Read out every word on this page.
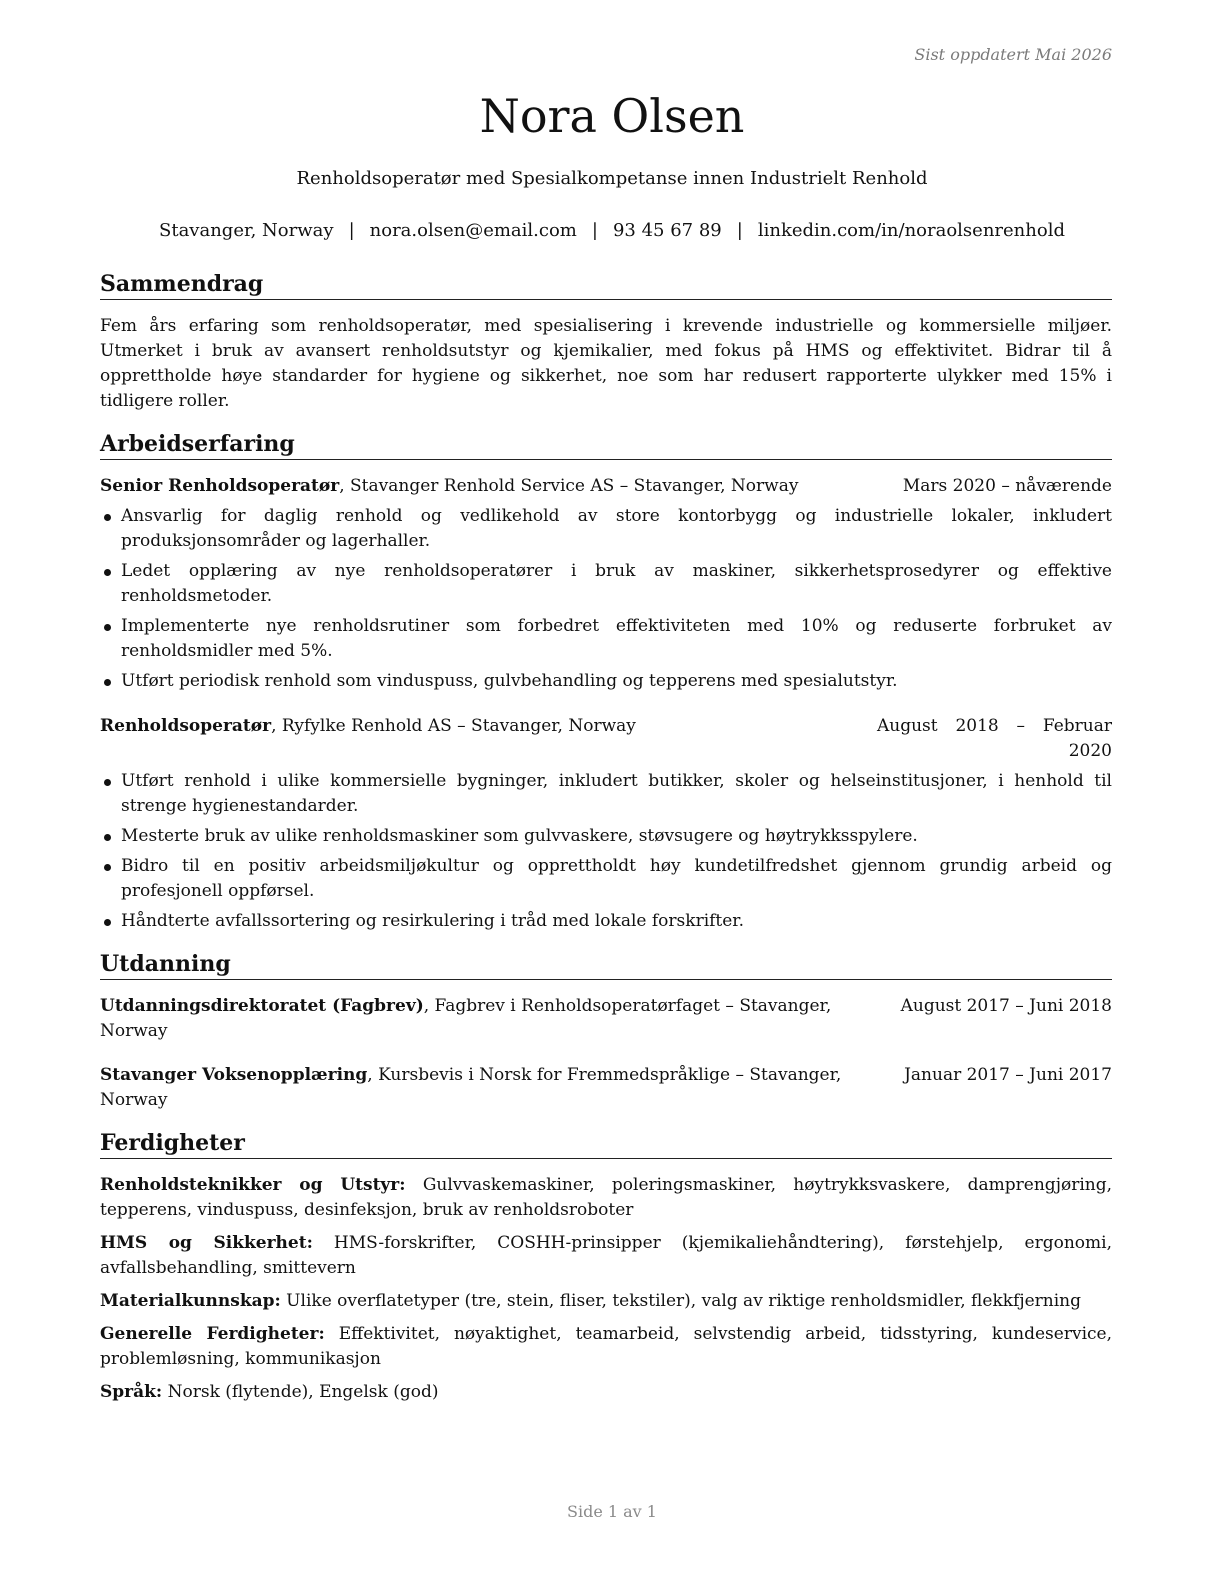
Sist oppdatert Mai 2026
Nora Olsen
Renholdsoperatør med Spesialkompetanse innen Industrielt Renhold
Stavanger, Norway | nora.olsen@email.com | 93 45 67 89 | linkedin.com/in/noraolsenrenhold
Sammendrag

Fem års erfaring som renholdsoperatør, med spesialisering i krevende industrielle og kommersielle miljøer. Utmerket i bruk av avansert renholdsutstyr og kjemikalier, med fokus på HMS og effektivitet. Bidrar til å opprettholde høye standarder for hygiene og sikkerhet, noe som har redusert rapporterte ulykker med 15% i tidligere roller.

Arbeidserfaring
Senior Renholdsoperatør, Stavanger Renhold Service AS – Stavanger, Norway	Mars 2020 – nåværende
Ansvarlig for daglig renhold og vedlikehold av store kontorbygg og industrielle lokaler, inkludert produksjonsområder og lagerhaller.
Ledet opplæring av nye renholdsoperatører i bruk av maskiner, sikkerhetsprosedyrer og effektive renholdsmetoder.
Implementerte nye renholdsrutiner som forbedret effektiviteten med 10% og reduserte forbruket av renholdsmidler med 5%.
Utført periodisk renhold som vinduspuss, gulvbehandling og tepperens med spesialutstyr.
Renholdsoperatør, Ryfylke Renhold AS – Stavanger, Norway	August 2018 – Februar 2020
Utført renhold i ulike kommersielle bygninger, inkludert butikker, skoler og helseinstitusjoner, i henhold til strenge hygienestandarder.
Mesterte bruk av ulike renholdsmaskiner som gulvvaskere, støvsugere og høytrykksspylere.
Bidro til en positiv arbeidsmiljøkultur og opprettholdt høy kundetilfredshet gjennom grundig arbeid og profesjonell oppførsel.
Håndterte avfallssortering og resirkulering i tråd med lokale forskrifter.
Utdanning
Utdanningsdirektoratet (Fagbrev), Fagbrev i Renholdsoperatørfaget – Stavanger, Norway
August 2017 – Juni 2018
Stavanger Voksenopplæring, Kursbevis i Norsk for Fremmedspråklige – Stavanger, Norway
Januar 2017 – Juni 2017
Ferdigheter

Renholdsteknikker og Utstyr: Gulvvaskemaskiner, poleringsmaskiner, høytrykksvaskere, damprengjøring, tepperens, vinduspuss, desinfeksjon, bruk av renholdsroboter

HMS og Sikkerhet: HMS-forskrifter, COSHH-prinsipper (kjemikaliehåndtering), førstehjelp, ergonomi, avfallsbehandling, smittevern

Materialkunnskap: Ulike overflatetyper (tre, stein, fliser, tekstiler), valg av riktige renholdsmidler, flekkfjerning

Generelle Ferdigheter: Effektivitet, nøyaktighet, teamarbeid, selvstendig arbeid, tidsstyring, kundeservice, problemløsning, kommunikasjon

Språk: Norsk (flytende), Engelsk (god)

Side 1 av 1
